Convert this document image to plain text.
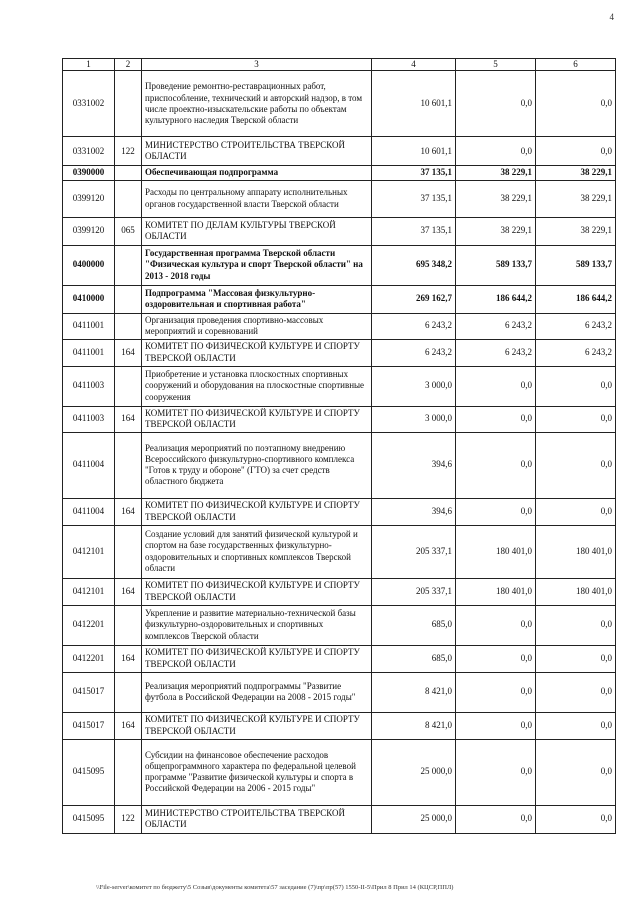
4
1	2	3	4	5	6
0331002		Проведение ремонтно-реставрационных работ, приспособление, технический и авторский надзор, в том числе проектно-изыскательские работы по объектам культурного наследия Тверской области	10 601,1	0,0	0,0
0331002	122	МИНИСТЕРСТВО СТРОИТЕЛЬСТВА ТВЕРСКОЙ ОБЛАСТИ	10 601,1	0,0	0,0
0390000		Обеспечивающая подпрограмма	37 135,1	38 229,1	38 229,1
0399120		Расходы по центральному аппарату исполнительных органов государственной власти Тверской области	37 135,1	38 229,1	38 229,1
0399120	065	КОМИТЕТ ПО ДЕЛАМ КУЛЬТУРЫ ТВЕРСКОЙ ОБЛАСТИ	37 135,1	38 229,1	38 229,1
0400000		Государственная программа Тверской области "Физическая культура и спорт Тверской области" на 2013 - 2018 годы	695 348,2	589 133,7	589 133,7
0410000		Подпрограмма "Массовая физкультурно-оздоровительная и спортивная работа"	269 162,7	186 644,2	186 644,2
0411001		Организация проведения спортивно-массовых мероприятий и соревнований	6 243,2	6 243,2	6 243,2
0411001	164	КОМИТЕТ ПО ФИЗИЧЕСКОЙ КУЛЬТУРЕ И СПОРТУ ТВЕРСКОЙ ОБЛАСТИ	6 243,2	6 243,2	6 243,2
0411003		Приобретение и установка плоскостных спортивных сооружений и оборудования на плоскостные спортивные сооружения	3 000,0	0,0	0,0
0411003	164	КОМИТЕТ ПО ФИЗИЧЕСКОЙ КУЛЬТУРЕ И СПОРТУ ТВЕРСКОЙ ОБЛАСТИ	3 000,0	0,0	0,0
0411004		Реализация мероприятий по поэтапному внедрению Всероссийского физкультурно-спортивного комплекса "Готов к труду и обороне" (ГТО) за счет средств областного бюджета	394,6	0,0	0,0
0411004	164	КОМИТЕТ ПО ФИЗИЧЕСКОЙ КУЛЬТУРЕ И СПОРТУ ТВЕРСКОЙ ОБЛАСТИ	394,6	0,0	0,0
0412101		Создание условий для занятий физической культурой и спортом на базе государственных физкультурно-оздоровительных и спортивных комплексов Тверской области	205 337,1	180 401,0	180 401,0
0412101	164	КОМИТЕТ ПО ФИЗИЧЕСКОЙ КУЛЬТУРЕ И СПОРТУ ТВЕРСКОЙ ОБЛАСТИ	205 337,1	180 401,0	180 401,0
0412201		Укрепление и развитие материально-технической базы физкультурно-оздоровительных и спортивных комплексов Тверской области	685,0	0,0	0,0
0412201	164	КОМИТЕТ ПО ФИЗИЧЕСКОЙ КУЛЬТУРЕ И СПОРТУ ТВЕРСКОЙ ОБЛАСТИ	685,0	0,0	0,0
0415017		Реализация мероприятий подпрограммы "Развитие футбола в Российской Федерации на 2008 - 2015 годы"	8 421,0	0,0	0,0
0415017	164	КОМИТЕТ ПО ФИЗИЧЕСКОЙ КУЛЬТУРЕ И СПОРТУ ТВЕРСКОЙ ОБЛАСТИ	8 421,0	0,0	0,0
0415095		Субсидии на финансовое обеспечение расходов общепрограммного характера по федеральной целевой программе "Развитие физической культуры и спорта в Российской Федерации на 2006 - 2015 годы"	25 000,0	0,0	0,0
0415095	122	МИНИСТЕРСТВО СТРОИТЕЛЬСТВА ТВЕРСКОЙ ОБЛАСТИ	25 000,0	0,0	0,0
\\File-server\комитет по бюджету\5 Созыв\документы комитета\57 заседание (7)\пр\пр(57) 1550-II-5\Прил 8 Прил 14 (КЦСР,ППЛ)
